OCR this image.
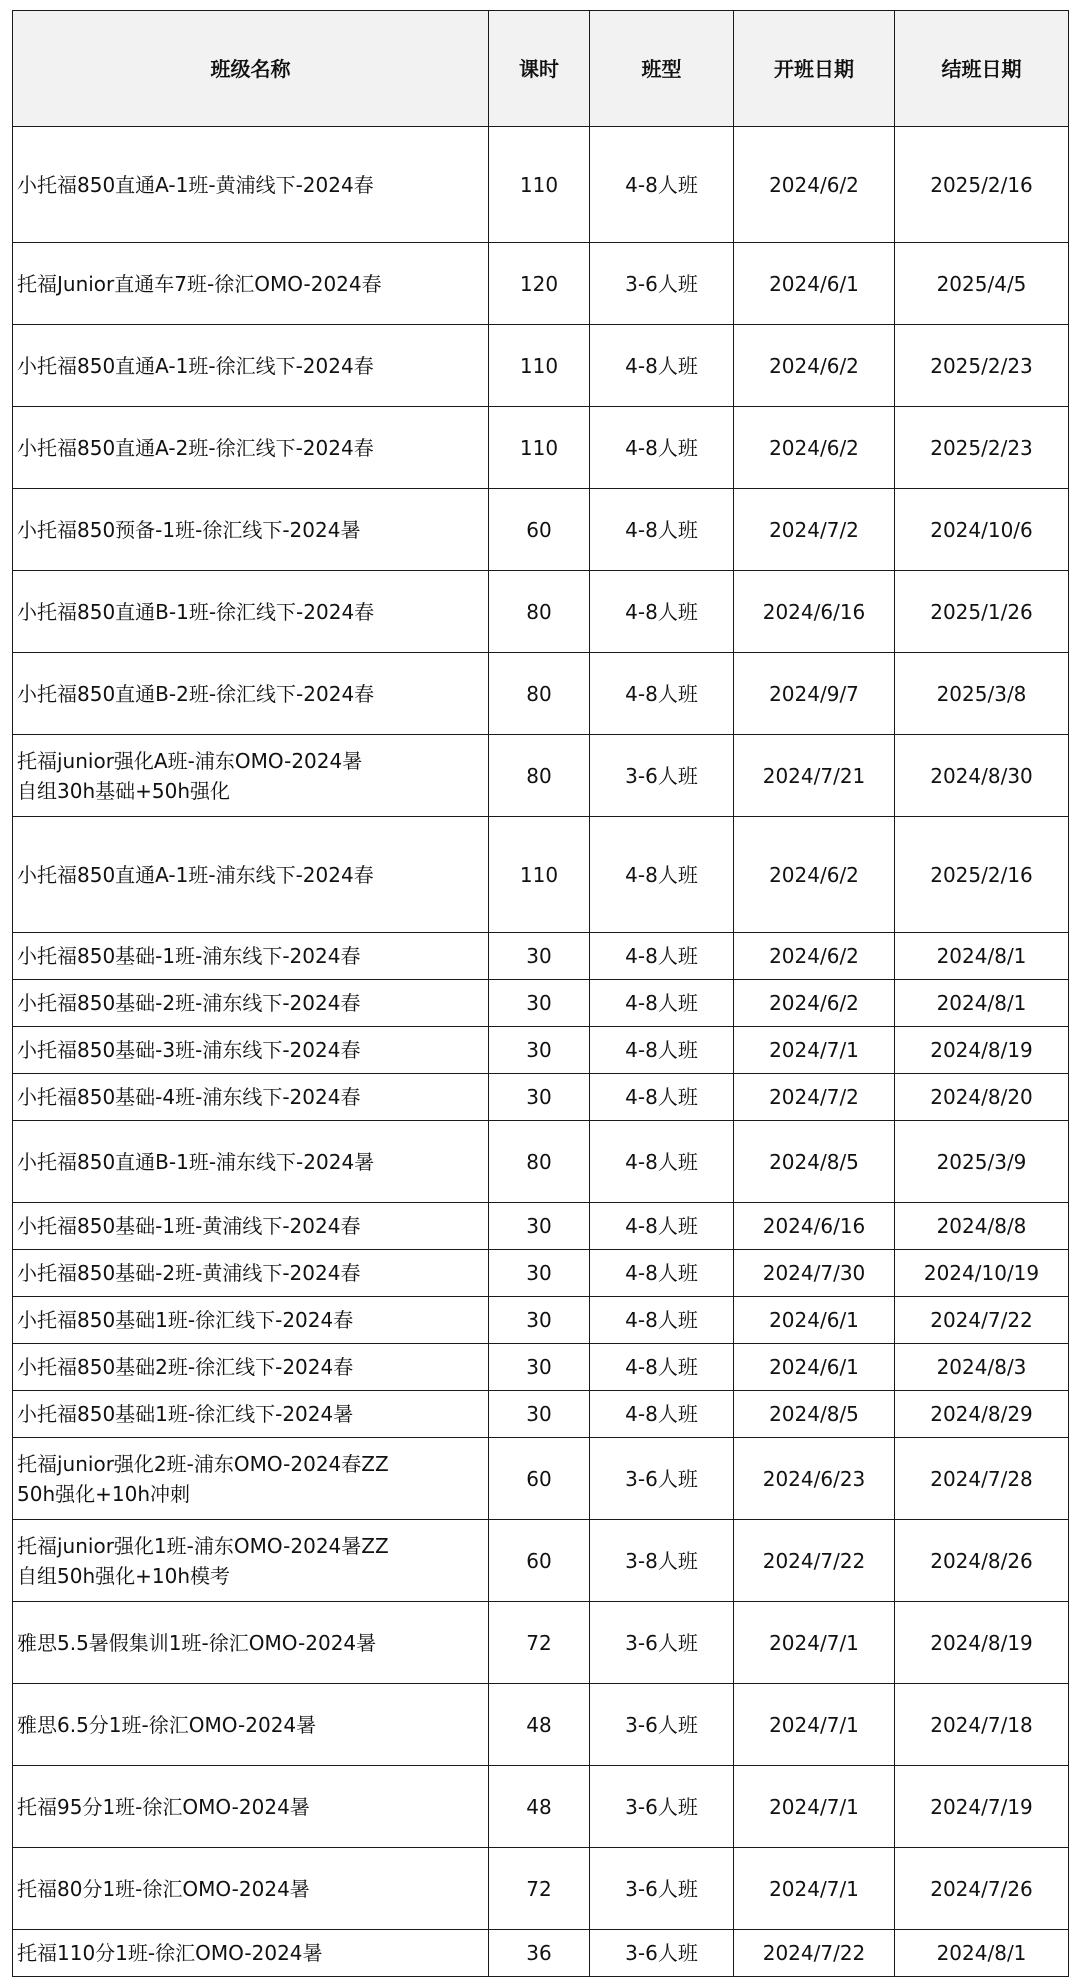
班级名称	课时	班型	开班日期	结班日期

小托福850直通A-1班-黄浦线下-2024春	110	4-8人班	2024/6/2	2025/2/16

托福Junior直通车7班-徐汇OMO-2024春	120	3-6人班	2024/6/1	2025/4/5

小托福850直通A-1班-徐汇线下-2024春	110	4-8人班	2024/6/2	2025/2/23

小托福850直通A-2班-徐汇线下-2024春	110	4-8人班	2024/6/2	2025/2/23

小托福850预备-1班-徐汇线下-2024暑	60	4-8人班	2024/7/2	2024/10/6

小托福850直通B-1班-徐汇线下-2024春	80	4-8人班	2024/6/16	2025/1/26

小托福850直通B-2班-徐汇线下-2024春	80	4-8人班	2024/9/7	2025/3/8

托福junior强化A班-浦东OMO-2024暑
自组30h基础+50h强化	80	3-6人班	2024/7/21	2024/8/30

小托福850直通A-1班-浦东线下-2024春	110	4-8人班	2024/6/2	2025/2/16

小托福850基础-1班-浦东线下-2024春	30	4-8人班	2024/6/2	2024/8/1

小托福850基础-2班-浦东线下-2024春	30	4-8人班	2024/6/2	2024/8/1

小托福850基础-3班-浦东线下-2024春	30	4-8人班	2024/7/1	2024/8/19

小托福850基础-4班-浦东线下-2024春	30	4-8人班	2024/7/2	2024/8/20

小托福850直通B-1班-浦东线下-2024暑	80	4-8人班	2024/8/5	2025/3/9

小托福850基础-1班-黄浦线下-2024春	30	4-8人班	2024/6/16	2024/8/8

小托福850基础-2班-黄浦线下-2024春	30	4-8人班	2024/7/30	2024/10/19

小托福850基础1班-徐汇线下-2024春	30	4-8人班	2024/6/1	2024/7/22

小托福850基础2班-徐汇线下-2024春	30	4-8人班	2024/6/1	2024/8/3

小托福850基础1班-徐汇线下-2024暑	30	4-8人班	2024/8/5	2024/8/29

托福junior强化2班-浦东OMO-2024春ZZ
50h强化+10h冲刺	60	3-6人班	2024/6/23	2024/7/28

托福junior强化1班-浦东OMO-2024暑ZZ
自组50h强化+10h模考	60	3-8人班	2024/7/22	2024/8/26

雅思5.5暑假集训1班-徐汇OMO-2024暑	72	3-6人班	2024/7/1	2024/8/19

雅思6.5分1班-徐汇OMO-2024暑	48	3-6人班	2024/7/1	2024/7/18

托福95分1班-徐汇OMO-2024暑	48	3-6人班	2024/7/1	2024/7/19

托福80分1班-徐汇OMO-2024暑	72	3-6人班	2024/7/1	2024/7/26

托福110分1班-徐汇OMO-2024暑	36	3-6人班	2024/7/22	2024/8/1
